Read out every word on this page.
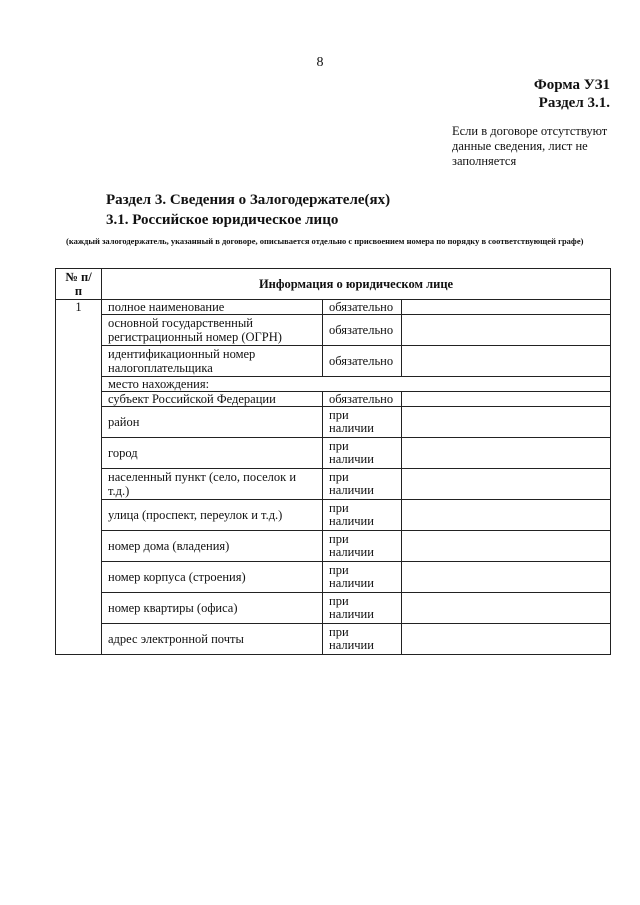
8
Форма УЗ1
Раздел 3.1.
Если в договоре отсутствуют данные сведения, лист не заполняется
Раздел 3. Сведения о Залогодержателе(ях)
3.1. Российское юридическое лицо
(каждый залогодержатель, указанный в договоре, описывается отдельно с присвоением номера по порядку в соответствующей графе)
№ п/п	Информация о юридическом лице		
1	полное наименование	обязательно	
	основной государственный регистрационный номер (ОГРН)	обязательно	
	идентификационный номер налогоплательщика	обязательно	
	место нахождения:		
	субъект Российской Федерации	обязательно	
	район	при наличии	
	город	при наличии	
	населенный пункт (село, поселок и т.д.)	при наличии	
	улица (проспект, переулок и т.д.)	при наличии	
	номер дома (владения)	при наличии	
	номер корпуса (строения)	при наличии	
	номер квартиры (офиса)	при наличии	
	адрес электронной почты	при наличии	
